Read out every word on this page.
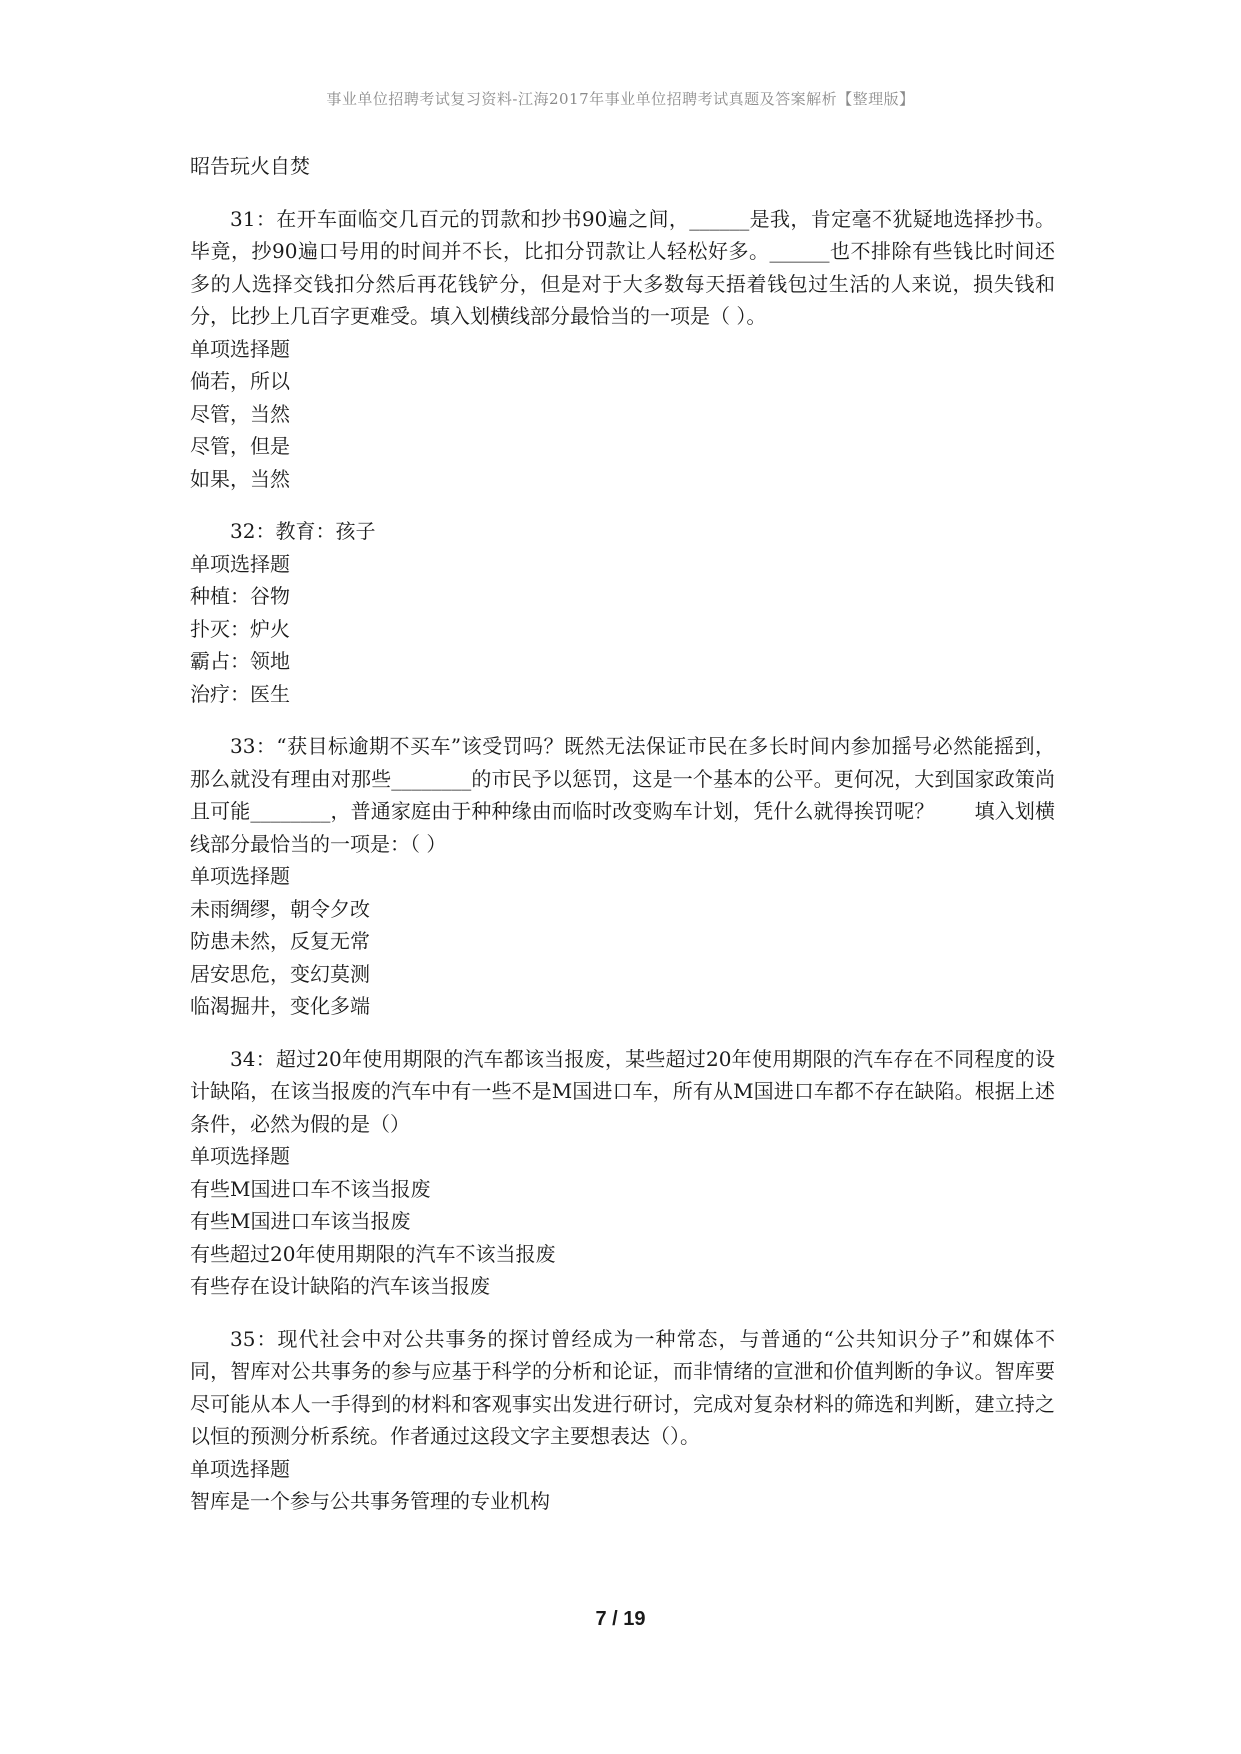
事业单位招聘考试复习资料-江海2017年事业单位招聘考试真题及答案解析【整理版】
昭告玩火自焚
31：在开车面临交几百元的罚款和抄书90遍之间，______是我，肯定毫不犹疑地选择抄书。毕竟，抄90遍口号用的时间并不长，比扣分罚款让人轻松好多。______也不排除有些钱比时间还多的人选择交钱扣分然后再花钱铲分，但是对于大多数每天捂着钱包过生活的人来说，损失钱和分，比抄上几百字更难受。填入划横线部分最恰当的一项是（ ）。
单项选择题
倘若，所以
尽管，当然
尽管，但是
如果，当然
32：教育：孩子
单项选择题
种植：谷物
扑灭：炉火
霸占：领地
治疗：医生
33：“获目标逾期不买车”该受罚吗？既然无法保证市民在多长时间内参加摇号必然能摇到，那么就没有理由对那些________的市民予以惩罚，这是一个基本的公平。更何况，大到国家政策尚且可能________，普通家庭由于种种缘由而临时改变购车计划，凭什么就得挨罚呢？　　填入划横线部分最恰当的一项是：（ ）
单项选择题
未雨绸缪，朝令夕改
防患未然，反复无常
居安思危，变幻莫测
临渴掘井，变化多端
34：超过20年使用期限的汽车都该当报废，某些超过20年使用期限的汽车存在不同程度的设计缺陷，在该当报废的汽车中有一些不是M国进口车，所有从M国进口车都不存在缺陷。根据上述条件，必然为假的是（）
单项选择题
有些M国进口车不该当报废
有些M国进口车该当报废
有些超过20年使用期限的汽车不该当报废
有些存在设计缺陷的汽车该当报废
35：现代社会中对公共事务的探讨曾经成为一种常态，与普通的“公共知识分子”和媒体不同，智库对公共事务的参与应基于科学的分析和论证，而非情绪的宣泄和价值判断的争议。智库要尽可能从本人一手得到的材料和客观事实出发进行研讨，完成对复杂材料的筛选和判断，建立持之以恒的预测分析系统。作者通过这段文字主要想表达（）。
单项选择题
智库是一个参与公共事务管理的专业机构
7 / 19
